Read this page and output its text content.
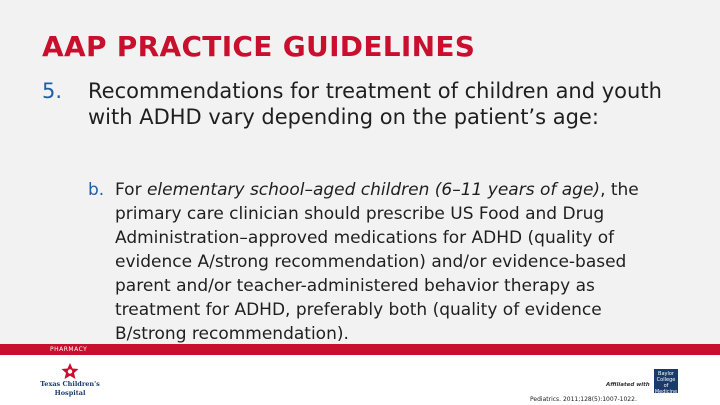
AAP PRACTICE GUIDELINES
5. Recommendations for treatment of children and youth with ADHD vary depending on the patient’s age:
b. For elementary school–aged children (6–11 years of age), the primary care clinician should prescribe US Food and Drug Administration–approved medications for ADHD (quality of evidence A/strong recommendation) and/or evidence-based parent and/or teacher-administered behavior therapy as treatment for ADHD, preferably both (quality of evidence B/strong recommendation).
PHARMACY
Texas Children's
Hospital
Affiliated with
Baylor
College of
Medicine
Pediatrics. 2011;128(5):1007-1022.
